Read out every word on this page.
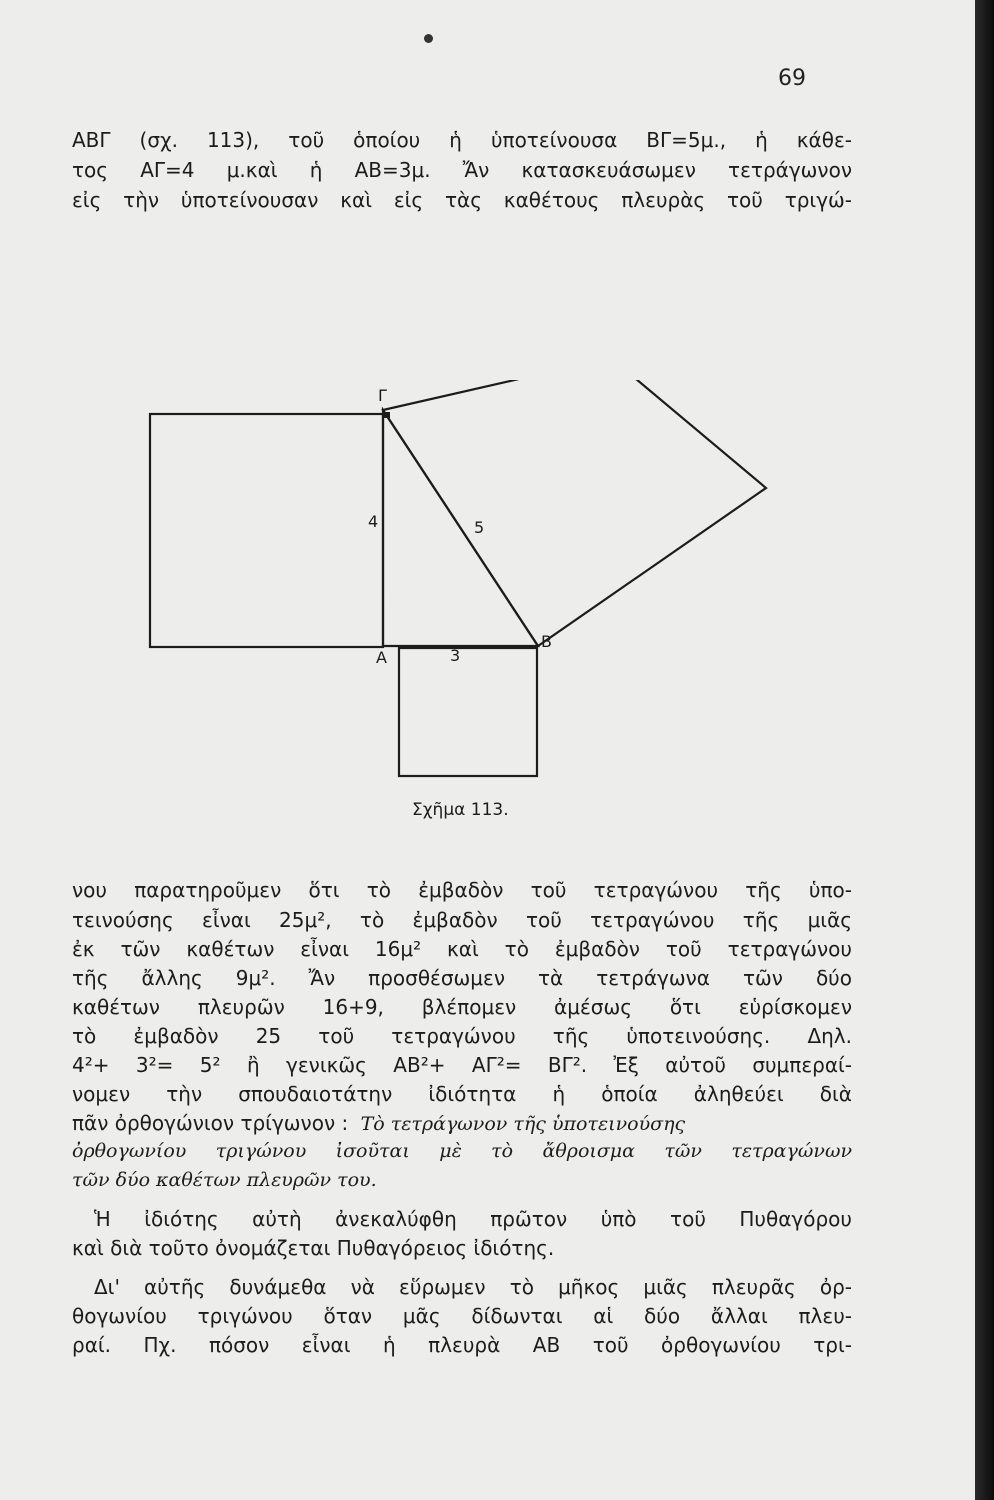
69
ΑΒΓ (σχ. 113), τοῦ ὁποίου ἡ ὑποτείνουσα ΒΓ=5μ., ἡ κάθε-
τος ΑΓ=4 μ.καὶ ἡ ΑΒ=3μ. Ἄν κατασκευάσωμεν τετράγωνον
εἰς τὴν ὑποτείνουσαν καὶ εἰς τὰς καθέτους πλευρὰς τοῦ τριγώ-
Γ
4	5
Α	3
Β
Σχῆμα 113.
νου παρατηροῦμεν ὅτι τὸ ἐμβαδὸν τοῦ τετραγώνου τῆς ὑπο-
τεινούσης εἶναι 25μ², τὸ ἐμβαδὸν τοῦ τετραγώνου τῆς μιᾶς
ἐκ τῶν καθέτων εἶναι 16μ² καὶ τὸ ἐμβαδὸν τοῦ τετραγώνου
τῆς ἄλλης 9μ². Ἄν προσθέσωμεν τὰ τετράγωνα τῶν δύο
καθέτων πλευρῶν 16+9, βλέπομεν ἀμέσως ὅτι εὑρίσκομεν
τὸ ἐμβαδὸν 25 τοῦ τετραγώνου τῆς ὑποτεινούσης. Δηλ.
4²+ 3²= 5² ἢ γενικῶς ΑΒ²+ ΑΓ²= ΒΓ². Ἐξ αὐτοῦ συμπεραί-
νομεν τὴν σπουδαιοτάτην ἰδιότητα ἡ ὁποία ἀληθεύει διὰ
πᾶν ὀρθογώνιον τρίγωνον : Τὸ τετράγωνον τῆς ὑποτεινούσης
ὀρθογωνίου τριγώνου ἰσοῦται μὲ τὸ ἄθροισμα τῶν τετραγώνων
τῶν δύο καθέτων πλευρῶν του.
Ἡ ἰδιότης αὐτὴ ἀνεκαλύφθη πρῶτον ὑπὸ τοῦ Πυθαγόρου
καὶ διὰ τοῦτο ὀνομάζεται Πυθαγόρειος ἰδιότης.
Δι' αὐτῆς δυνάμεθα νὰ εὕρωμεν τὸ μῆκος μιᾶς πλευρᾶς ὀρ-
θογωνίου τριγώνου ὅταν μᾶς δίδωνται αἱ δύο ἄλλαι πλευ-
ραί. Πχ. πόσον εἶναι ἡ πλευρὰ ΑΒ τοῦ ὀρθογωνίου τρι-
